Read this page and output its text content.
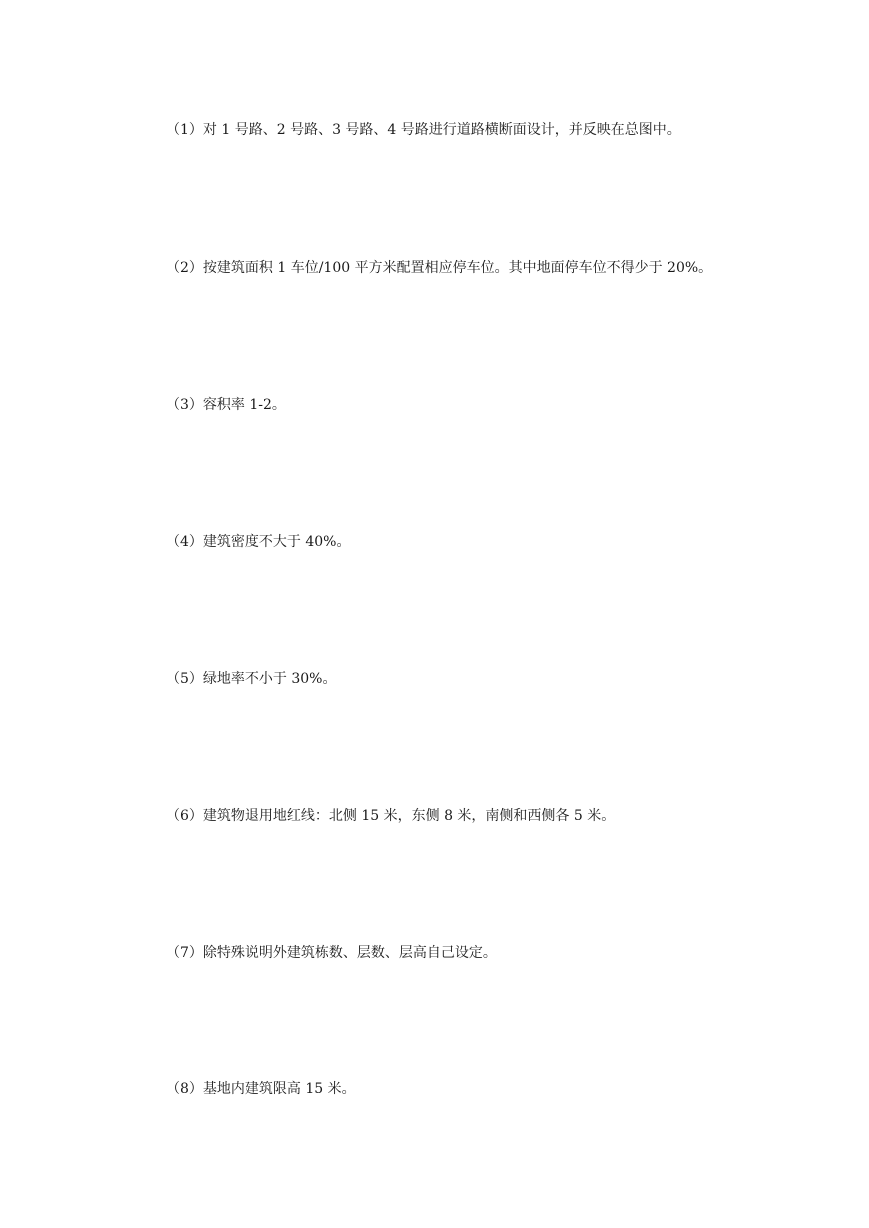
（1）对 1 号路、2 号路、3 号路、4 号路进行道路横断面设计，并反映在总图中。

（2）按建筑面积 1 车位/100 平方米配置相应停车位。其中地面停车位不得少于 20%。

（3）容积率 1-2。

（4）建筑密度不大于 40%。

（5）绿地率不小于 30%。

（6）建筑物退用地红线：北侧 15 米，东侧 8 米，南侧和西侧各 5 米。

（7）除特殊说明外建筑栋数、层数、层高自己设定。

（8）基地内建筑限高 15 米。
